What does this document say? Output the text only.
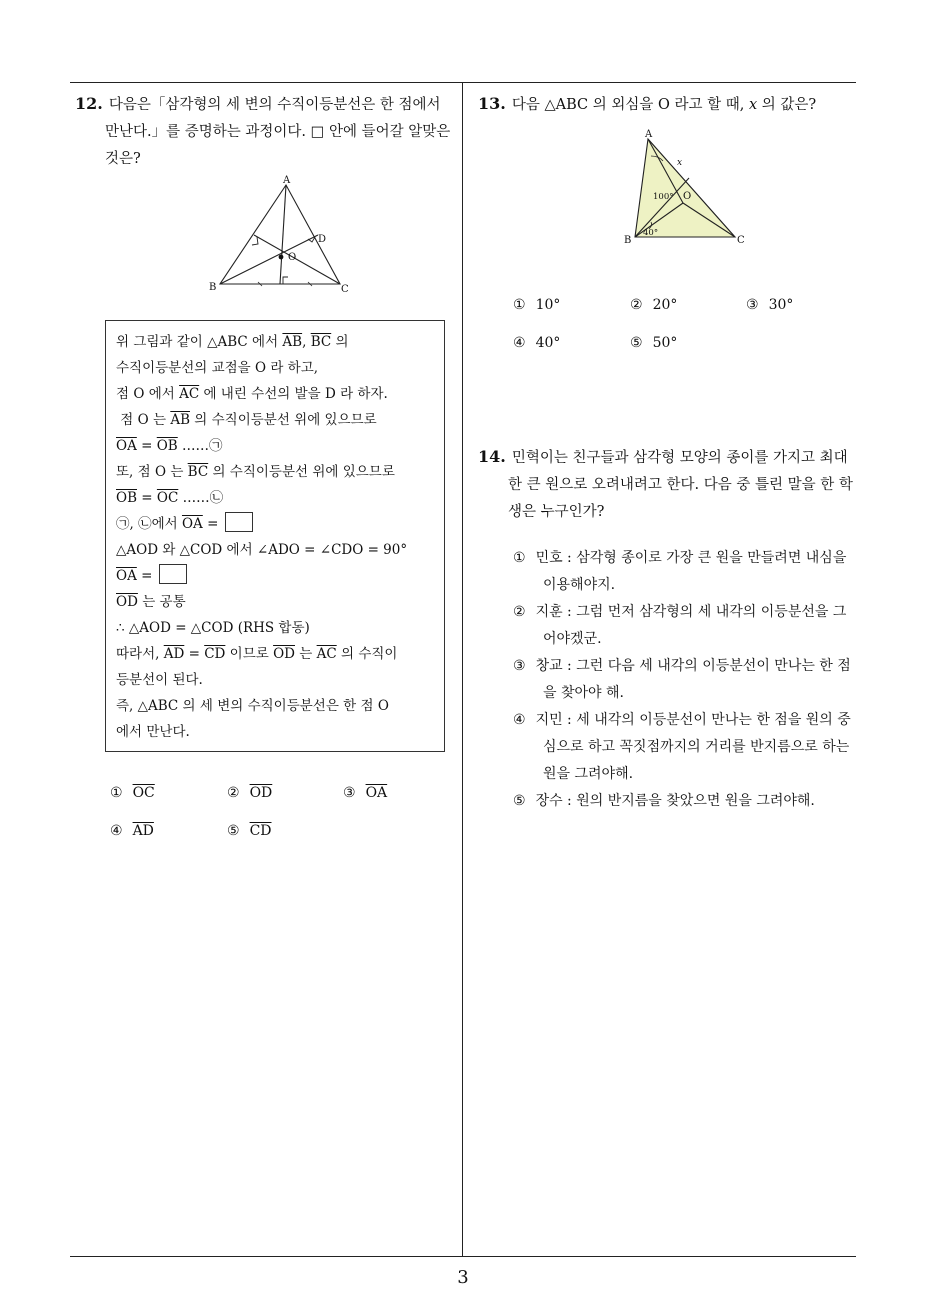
12. 다음은「삼각형의 세 변의 수직이등분선은 한 점에서 만난다.」를 증명하는 과정이다. □ 안에 들어갈 알맞은 것은?
A
B	C
D
O
위 그림과 같이 △ABC 에서 $\overline{AB}$, $\overline{BC}$ 의
수직이등분선의 교점을 O 라 하고,
점 O 에서 $\overline{AC}$ 에 내린 수선의 발을 D 라 하자.
점 O 는 $\overline{AB}$ 의 수직이등분선 위에 있으므로
$\overline{OA} = \overline{OB}$ ……㉠
또, 점 O 는 $\overline{BC}$ 의 수직이등분선 위에 있으므로
$\overline{OB} = \overline{OC}$ ……㉡
㉠, ㉡에서 $\overline{OA}$ =
△AOD 와 △COD 에서 ∠ADO = ∠CDO = 90°
$\overline{OA}$ =
$\overline{OD}$ 는 공통
∴ △AOD = △COD (RHS 합동)
따라서, $\overline{AD} = \overline{CD}$ 이므로 $\overline{OD}$ 는 $\overline{AC}$ 의 수직이
등분선이 된다.
즉, △ABC 의 세 변의 수직이등분선은 한 점 O
에서 만난다.
① $\overline{OC}$	② $\overline{OD}$	③ $\overline{OA}$
④ $\overline{AD}$	⑤ $\overline{CD}$
13. 다음 △ABC 의 외심을 O 라고 할 때, x 의 값은?
A
B	C
O
x
100°
40°
① 10°	② 20°	③ 30°
④ 40°	⑤ 50°
14. 민혁이는 친구들과 삼각형 모양의 종이를 가지고 최대한 큰 원으로 오려내려고 한다. 다음 중 틀린 말을 한 학생은 누구인가?
① 민호 : 삼각형 종이로 가장 큰 원을 만들려면 내심을 이용해야지.
② 지훈 : 그럼 먼저 삼각형의 세 내각의 이등분선을 그어야겠군.
③ 창교 : 그런 다음 세 내각의 이등분선이 만나는 한 점을 찾아야 해.
④ 지민 : 세 내각의 이등분선이 만나는 한 점을 원의 중심으로 하고 꼭짓점까지의 거리를 반지름으로 하는 원을 그려야해.
⑤ 장수 : 원의 반지름을 찾았으면 원을 그려야해.
3
